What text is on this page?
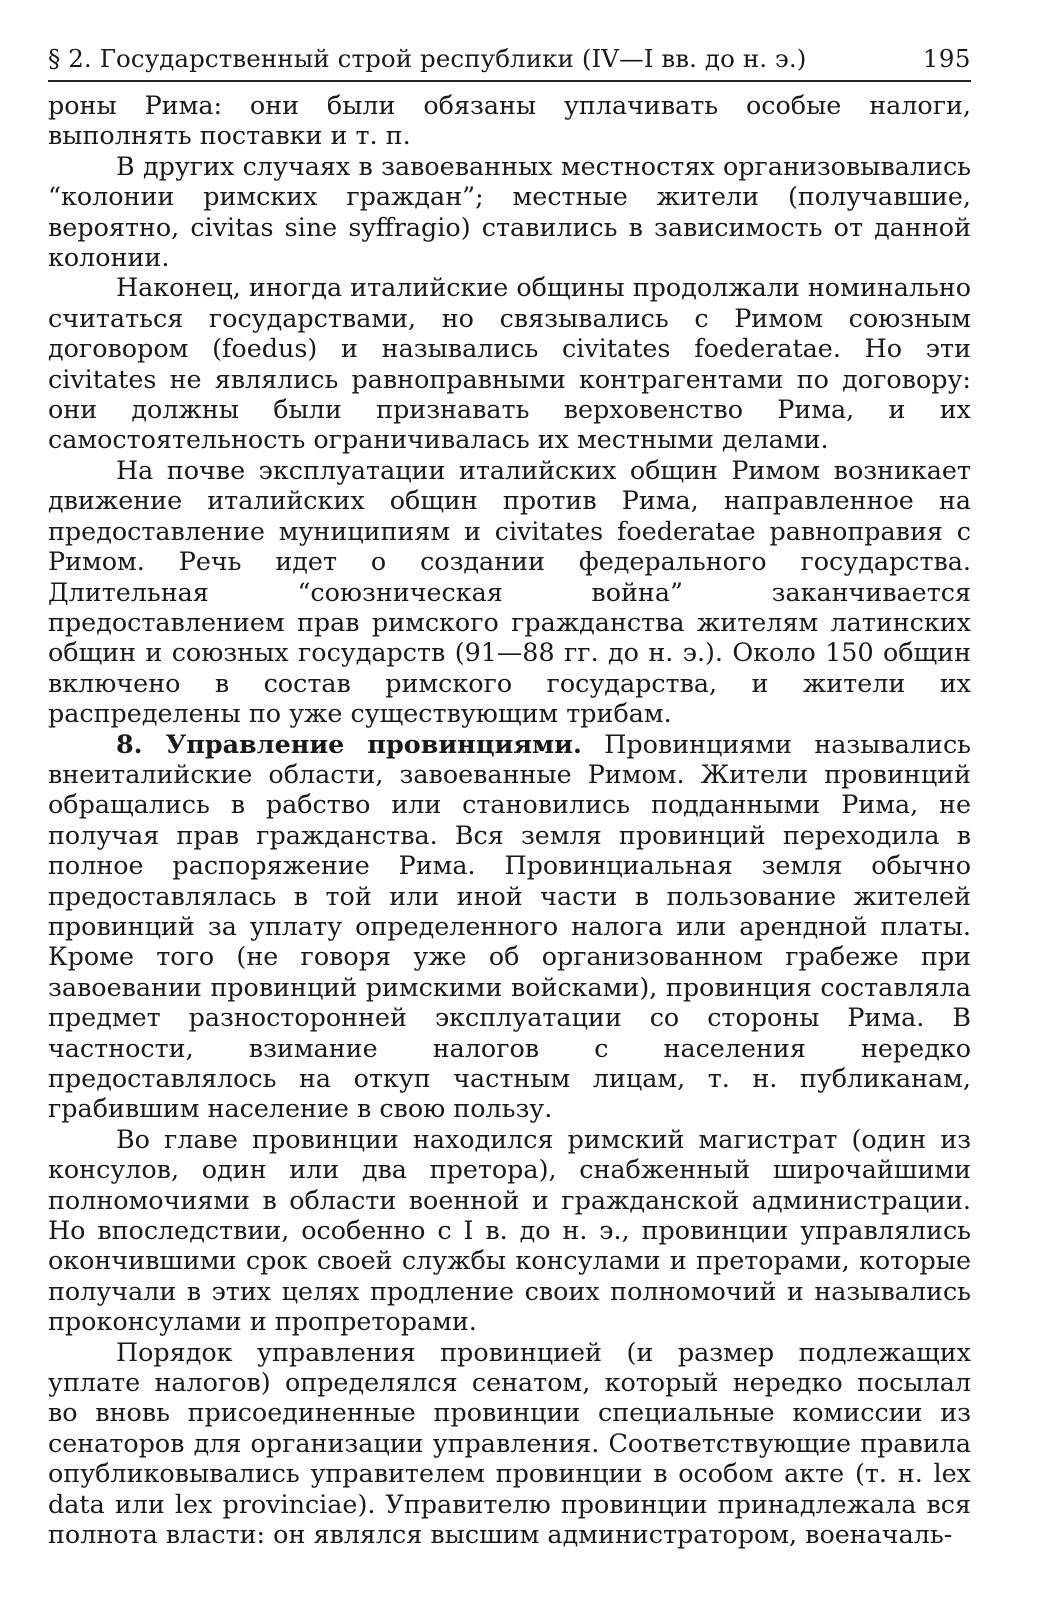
§ 2. Государственный строй республики (IV—I вв. до н. э.)	195

роны Рима: они были обязаны уплачивать особые налоги, выполнять поставки и т. п.

В других случаях в завоеванных местностях организовывались “колонии римских граждан”; местные жители (получавшие, вероятно, civitas sine syffragio) ставились в зависимость от данной колонии.

Наконец, иногда италийские общины продолжали номинально считаться государствами, но связывались с Римом союзным договором (foedus) и назывались civitates foederatae. Но эти civitates не являлись равноправными контрагентами по договору: они должны были признавать верховенство Рима, и их самостоятельность ограничивалась их местными делами.

На почве эксплуатации италийских общин Римом возникает движение италийских общин против Рима, направленное на предоставление муниципиям и civitates foederatae равноправия с Римом. Речь идет о создании федерального государства. Длительная “союзническая война” заканчивается предоставлением прав римского гражданства жителям латинских общин и союзных государств (91—88 гг. до н. э.). Около 150 общин включено в состав римского государства, и жители их распределены по уже существующим трибам.

8. Управление провинциями. Провинциями назывались внеиталийские области, завоеванные Римом. Жители провинций обращались в рабство или становились подданными Рима, не получая прав гражданства. Вся земля провинций переходила в полное распоряжение Рима. Провинциальная земля обычно предоставлялась в той или иной части в пользование жителей провинций за уплату определенного налога или арендной платы. Кроме того (не говоря уже об организованном грабеже при завоевании провинций римскими войсками), провинция составляла предмет разносторонней эксплуатации со стороны Рима. В частности, взимание налогов с населения нередко предоставлялось на откуп частным лицам, т. н. публиканам, грабившим население в свою пользу.

Во главе провинции находился римский магистрат (один из консулов, один или два претора), снабженный широчайшими полномочиями в области военной и гражданской администрации. Но впоследствии, особенно с I в. до н. э., провинции управлялись окончившими срок своей службы консулами и преторами, которые получали в этих целях продление своих полномочий и назывались проконсулами и пропреторами.

Порядок управления провинцией (и размер подлежащих уплате налогов) определялся сенатом, который нередко посылал во вновь присоединенные провинции специальные комиссии из сенаторов для организации управления. Соответствующие правила опубликовывались управителем провинции в особом акте (т. н. lex data или lex provinciae). Управителю провинции принадлежала вся полнота власти: он являлся высшим администратором, военачаль-
